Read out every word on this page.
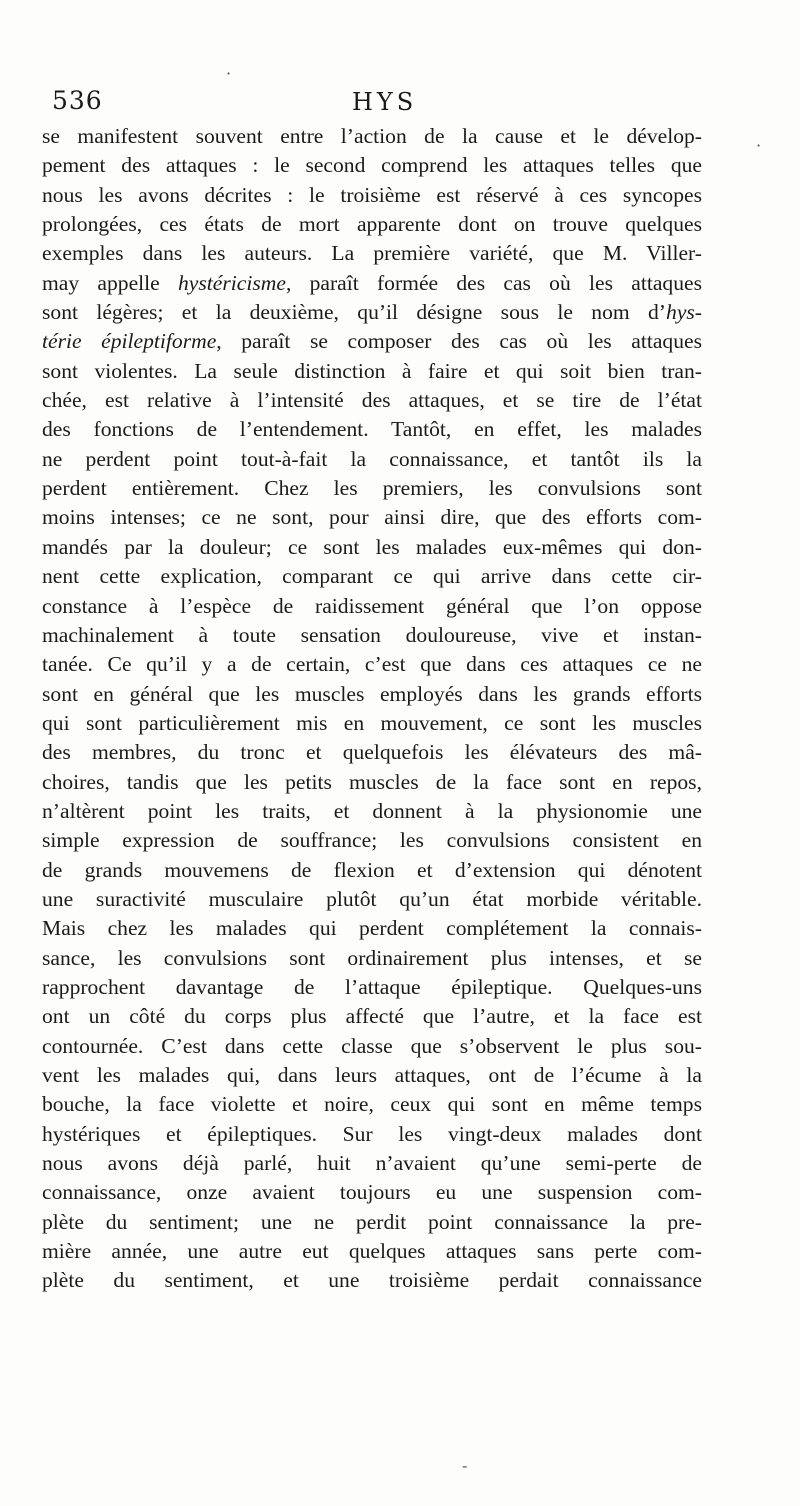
536	HYS
se manifestent souvent entre l’action de la cause et le dévelop-
pement des attaques : le second comprend les attaques telles que
nous les avons décrites : le troisième est réservé à ces syncopes
prolongées, ces états de mort apparente dont on trouve quelques
exemples dans les auteurs. La première variété, que M. Viller-
may appelle hystéricisme, paraît formée des cas où les attaques
sont légères; et la deuxième, qu’il désigne sous le nom d’hys-
térie épileptiforme, paraît se composer des cas où les attaques
sont violentes. La seule distinction à faire et qui soit bien tran-
chée, est relative à l’intensité des attaques, et se tire de l’état
des fonctions de l’entendement. Tantôt, en effet, les malades
ne perdent point tout-à-fait la connaissance, et tantôt ils la
perdent entièrement. Chez les premiers, les convulsions sont
moins intenses; ce ne sont, pour ainsi dire, que des efforts com-
mandés par la douleur; ce sont les malades eux-mêmes qui don-
nent cette explication, comparant ce qui arrive dans cette cir-
constance à l’espèce de raidissement général que l’on oppose
machinalement à toute sensation douloureuse, vive et instan-
tanée. Ce qu’il y a de certain, c’est que dans ces attaques ce ne
sont en général que les muscles employés dans les grands efforts
qui sont particulièrement mis en mouvement, ce sont les muscles
des membres, du tronc et quelquefois les élévateurs des mâ-
choires, tandis que les petits muscles de la face sont en repos,
n’altèrent point les traits, et donnent à la physionomie une
simple expression de souffrance; les convulsions consistent en
de grands mouvemens de flexion et d’extension qui dénotent
une suractivité musculaire plutôt qu’un état morbide véritable.
Mais chez les malades qui perdent complétement la connais-
sance, les convulsions sont ordinairement plus intenses, et se
rapprochent davantage de l’attaque épileptique. Quelques-uns
ont un côté du corps plus affecté que l’autre, et la face est
contournée. C’est dans cette classe que s’observent le plus sou-
vent les malades qui, dans leurs attaques, ont de l’écume à la
bouche, la face violette et noire, ceux qui sont en même temps
hystériques et épileptiques. Sur les vingt-deux malades dont
nous avons déjà parlé, huit n’avaient qu’une semi-perte de
connaissance, onze avaient toujours eu une suspension com-
plète du sentiment; une ne perdit point connaissance la pre-
mière année, une autre eut quelques attaques sans perte com-
plète du sentiment, et une troisième perdait connaissance
·
·
-
